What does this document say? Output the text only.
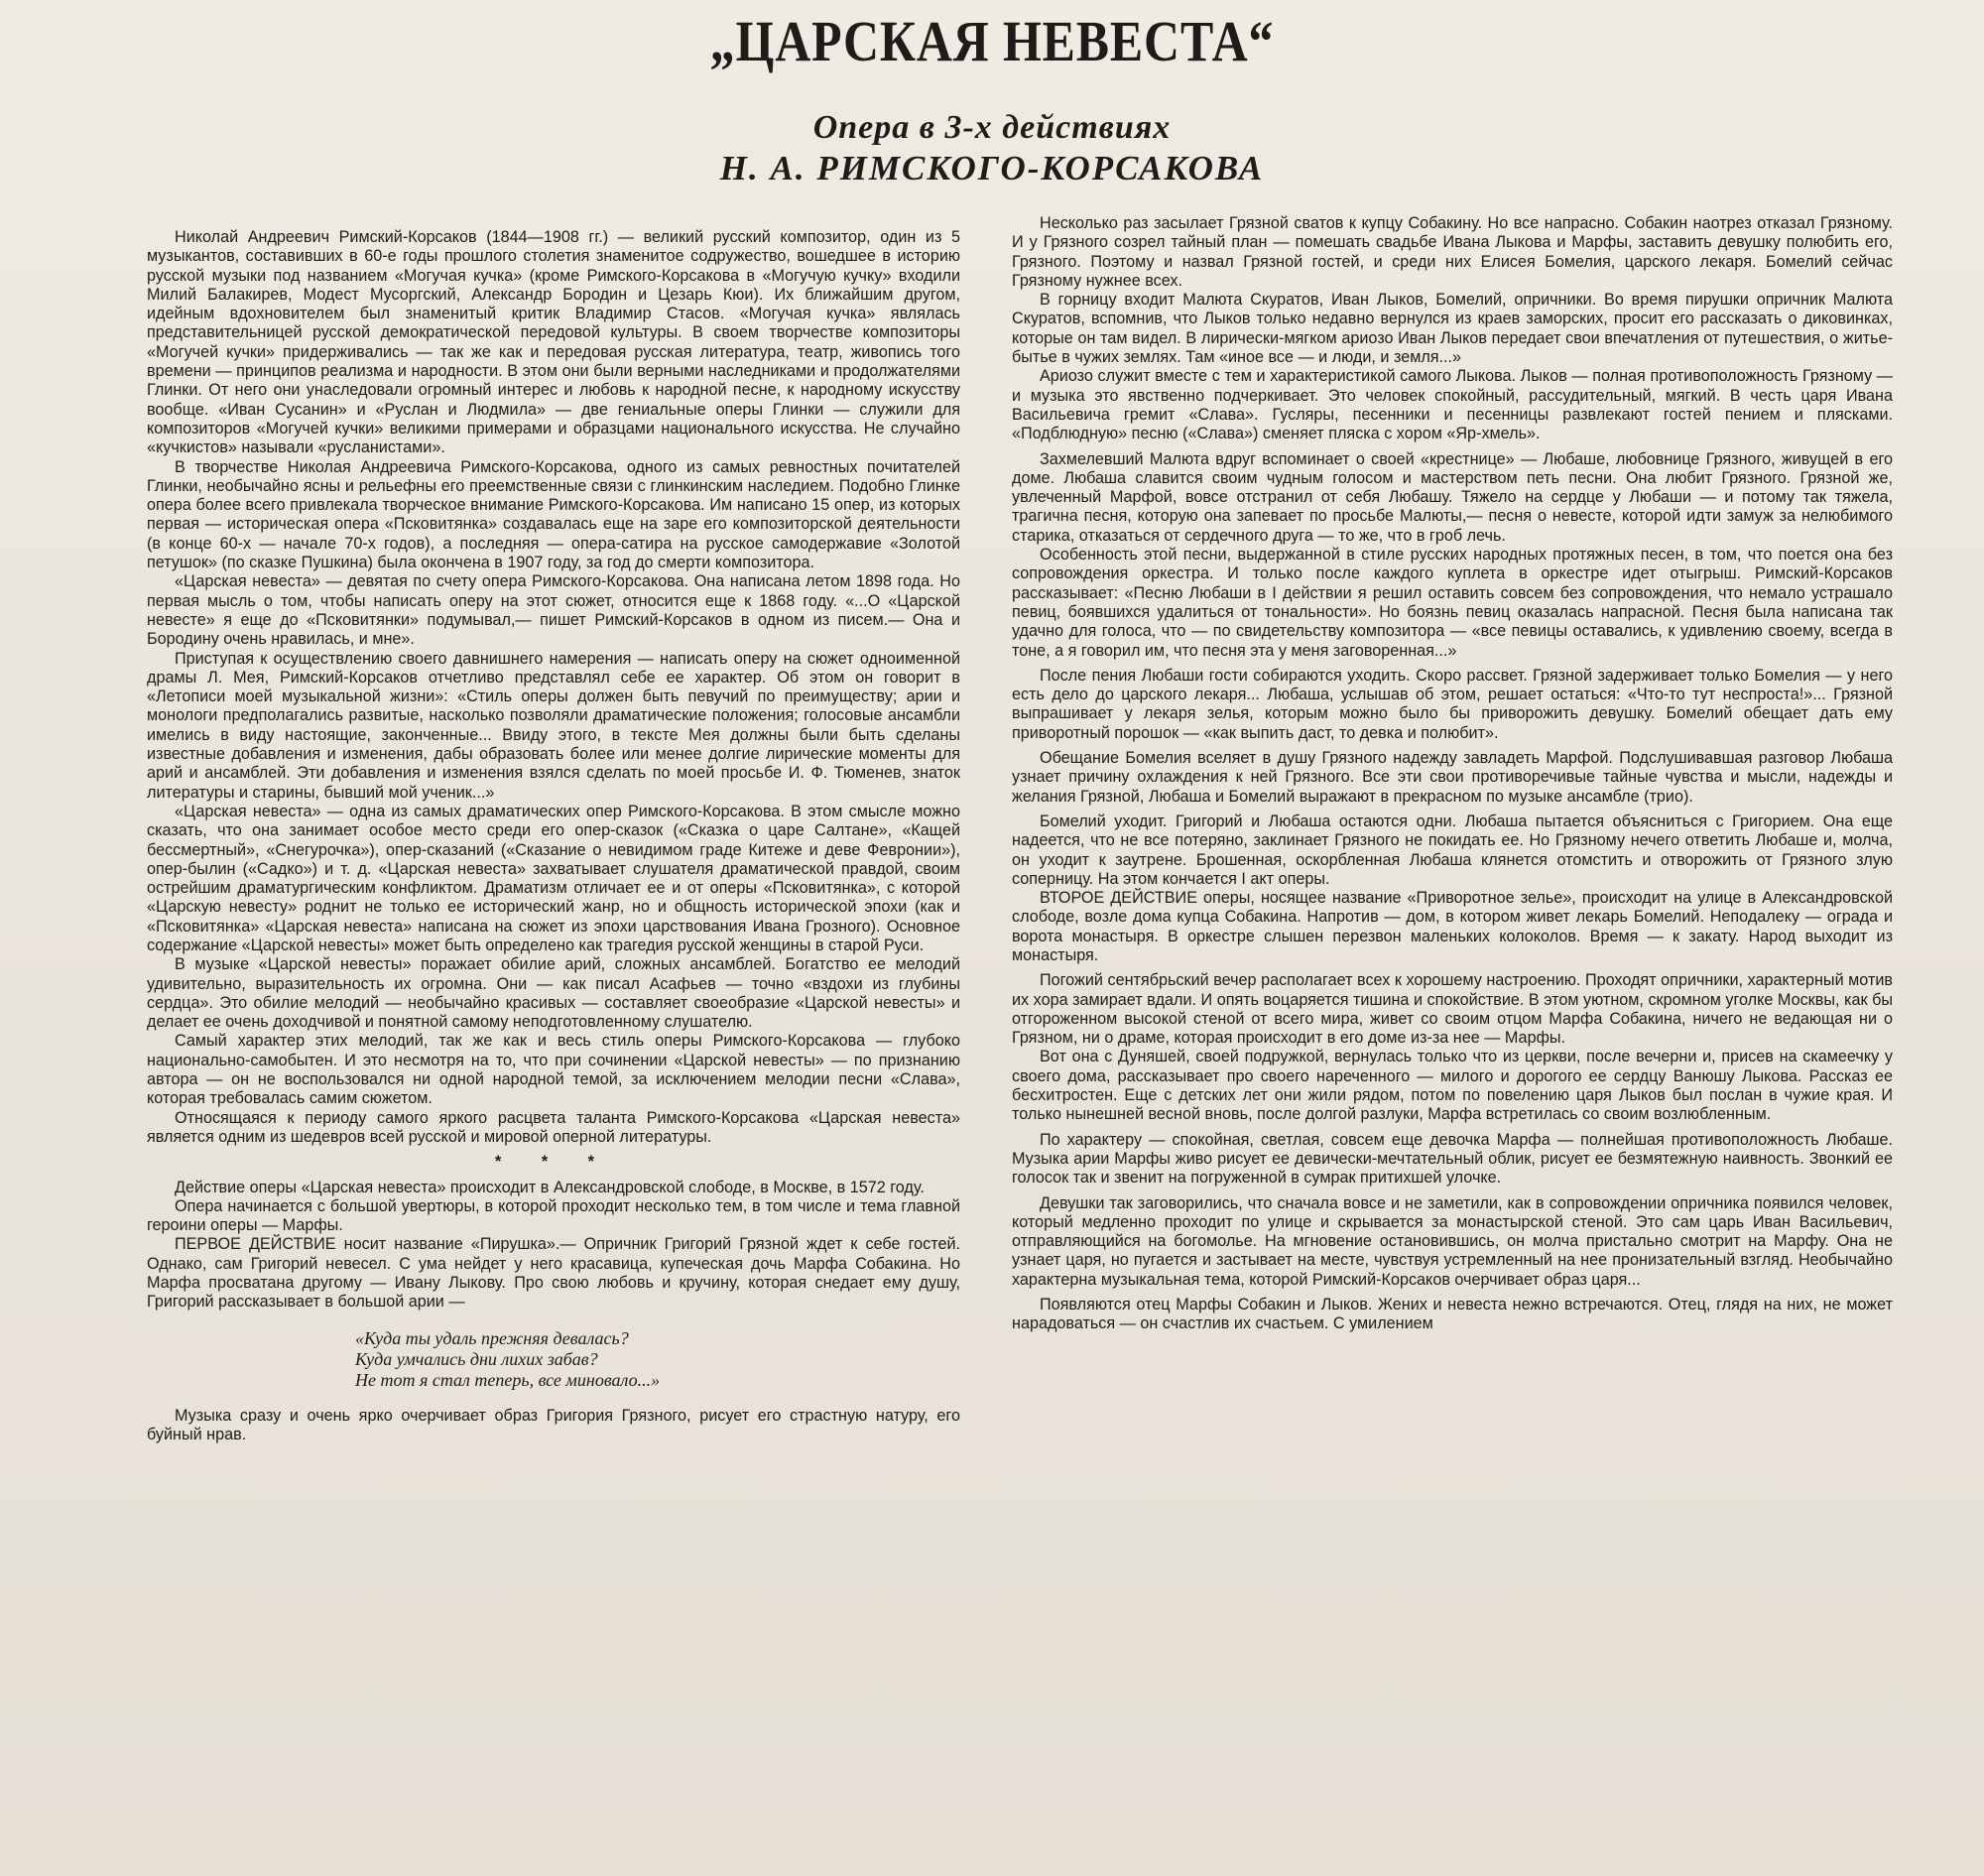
„ЦАРСКАЯ НЕВЕСТА“
Опера в 3-х действиях
Н. А. РИМСКОГО-КОРСАКОВА

Николай Андреевич Римский-Корсаков (1844—1908 гг.) — великий русский композитор, один из 5 музыкантов, составивших в 60-е годы прошлого столетия знаменитое содружество, вошедшее в историю русской музыки под названием «Могучая кучка» (кроме Римского-Корсакова в «Могучую кучку» входили Милий Балакирев, Модест Мусоргский, Александр Бородин и Цезарь Кюи). Их ближайшим другом, идейным вдохновителем был знаменитый критик Владимир Стасов. «Могучая кучка» являлась представительницей русской демократической передовой культуры. В своем творчестве композиторы «Могучей кучки» придерживались — так же как и передовая русская литература, театр, живопись того времени — принципов реализма и народности. В этом они были верными наследниками и продолжателями Глинки. От него они унаследовали огромный интерес и любовь к народной песне, к народному искусству вообще. «Иван Сусанин» и «Руслан и Людмила» — две гениальные оперы Глинки — служили для композиторов «Могучей кучки» великими примерами и образцами национального искусства. Не случайно «кучкистов» называли «русланистами».

В творчестве Николая Андреевича Римского-Корсакова, одного из самых ревностных почитателей Глинки, необычайно ясны и рельефны его преемственные связи с глинкинским наследием. Подобно Глинке опера более всего привлекала творческое внимание Римского-Корсакова. Им написано 15 опер, из которых первая — историческая опера «Псковитянка» создавалась еще на заре его композиторской деятельности (в конце 60-х — начале 70-х годов), а последняя — опера-сатира на русское самодержавие «Золотой петушок» (по сказке Пушкина) была окончена в 1907 году, за год до смерти композитора.

«Царская невеста» — девятая по счету опера Римского-Корсакова. Она написана летом 1898 года. Но первая мысль о том, чтобы написать оперу на этот сюжет, относится еще к 1868 году. «...О «Царской невесте» я еще до «Псковитянки» подумывал,— пишет Римский-Корсаков в одном из писем.— Она и Бородину очень нравилась, и мне».

Приступая к осуществлению своего давнишнего намерения — написать оперу на сюжет одноименной драмы Л. Мея, Римский-Корсаков отчетливо представлял себе ее характер. Об этом он говорит в «Летописи моей музыкальной жизни»: «Стиль оперы должен быть певучий по преимуществу; арии и монологи предполагались развитые, насколько позволяли драматические положения; голосовые ансамбли имелись в виду настоящие, законченные... Ввиду этого, в тексте Мея должны были быть сделаны известные добавления и изменения, дабы образовать более или менее долгие лирические моменты для арий и ансамблей. Эти добавления и изменения взялся сделать по моей просьбе И. Ф. Тюменев, знаток литературы и старины, бывший мой ученик...»

«Царская невеста» — одна из самых драматических опер Римского-Корсакова. В этом смысле можно сказать, что она занимает особое место среди его опер-сказок («Сказка о царе Салтане», «Кащей бессмертный», «Снегурочка»), опер-сказаний («Сказание о невидимом граде Китеже и деве Февронии»), опер-былин («Садко») и т. д. «Царская невеста» захватывает слушателя драматической правдой, своим острейшим драматургическим конфликтом. Драматизм отличает ее и от оперы «Псковитянка», с которой «Царскую невесту» роднит не только ее исторический жанр, но и общность исторической эпохи (как и «Псковитянка» «Царская невеста» написана на сюжет из эпохи царствования Ивана Грозного). Основное содержание «Царской невесты» может быть определено как трагедия русской женщины в старой Руси.

В музыке «Царской невесты» поражает обилие арий, сложных ансамблей. Богатство ее мелодий удивительно, выразительность их огромна. Они — как писал Асафьев — точно «вздохи из глубины сердца». Это обилие мелодий — необычайно красивых — составляет своеобразие «Царской невесты» и делает ее очень доходчивой и понятной самому неподготовленному слушателю.

Самый характер этих мелодий, так же как и весь стиль оперы Римского-Корсакова — глубоко национально-самобытен. И это несмотря на то, что при сочинении «Царской невесты» — по признанию автора — он не воспользовался ни одной народной темой, за исключением мелодии песни «Слава», которая требовалась самим сюжетом.

Относящаяся к периоду самого яркого расцвета таланта Римского-Корсакова «Царская невеста» является одним из шедевров всей русской и мировой оперной литературы.

* * *

Действие оперы «Царская невеста» происходит в Александровской слободе, в Москве, в 1572 году.

Опера начинается с большой увертюры, в которой проходит несколько тем, в том числе и тема главной героини оперы — Марфы.

ПЕРВОЕ ДЕЙСТВИЕ носит название «Пирушка».— Опричник Григорий Грязной ждет к себе гостей. Однако, сам Григорий невесел. С ума нейдет у него красавица, купеческая дочь Марфа Собакина. Но Марфа просватана другому — Ивану Лыкову. Про свою любовь и кручину, которая снедает ему душу, Григорий рассказывает в большой арии —

«Куда ты удаль прежняя девалась?
Куда умчались дни лихих забав?
Не тот я стал теперь, все миновало...»

Музыка сразу и очень ярко очерчивает образ Григория Грязного, рисует его страстную натуру, его буйный нрав.

Несколько раз засылает Грязной сватов к купцу Собакину. Но все напрасно. Собакин наотрез отказал Грязному. И у Грязного созрел тайный план — помешать свадьбе Ивана Лыкова и Марфы, заставить девушку полюбить его, Грязного. Поэтому и назвал Грязной гостей, и среди них Елисея Бомелия, царского лекаря. Бомелий сейчас Грязному нужнее всех.

В горницу входит Малюта Скуратов, Иван Лыков, Бомелий, опричники. Во время пирушки опричник Малюта Скуратов, вспомнив, что Лыков только недавно вернулся из краев заморских, просит его рассказать о диковинках, которые он там видел. В лирически-мягком ариозо Иван Лыков передает свои впечатления от путешествия, о житье-бытье в чужих землях. Там «иное все — и люди, и земля...»

Ариозо служит вместе с тем и характеристикой самого Лыкова. Лыков — полная противоположность Грязному — и музыка это явственно подчеркивает. Это человек спокойный, рассудительный, мягкий. В честь царя Ивана Васильевича гремит «Слава». Гусляры, песенники и песенницы развлекают гостей пением и плясками. «Подблюдную» песню («Слава») сменяет пляска с хором «Яр-хмель».

Захмелевший Малюта вдруг вспоминает о своей «крестнице» — Любаше, любовнице Грязного, живущей в его доме. Любаша славится своим чудным голосом и мастерством петь песни. Она любит Грязного. Грязной же, увлеченный Марфой, вовсе отстранил от себя Любашу. Тяжело на сердце у Любаши — и потому так тяжела, трагична песня, которую она запевает по просьбе Малюты,— песня о невесте, которой идти замуж за нелюбимого старика, отказаться от сердечного друга — то же, что в гроб лечь.

Особенность этой песни, выдержанной в стиле русских народных протяжных песен, в том, что поется она без сопровождения оркестра. И только после каждого куплета в оркестре идет отыгрыш. Римский-Корсаков рассказывает: «Песню Любаши в I действии я решил оставить совсем без сопровождения, что немало устрашало певиц, боявшихся удалиться от тональности». Но боязнь певиц оказалась напрасной. Песня была написана так удачно для голоса, что — по свидетельству композитора — «все певицы оставались, к удивлению своему, всегда в тоне, а я говорил им, что песня эта у меня заговоренная...»

После пения Любаши гости собираются уходить. Скоро рассвет. Грязной задерживает только Бомелия — у него есть дело до царского лекаря... Любаша, услышав об этом, решает остаться: «Что-то тут неспроста!»... Грязной выпрашивает у лекаря зелья, которым можно было бы приворожить девушку. Бомелий обещает дать ему приворотный порошок — «как выпить даст, то девка и полюбит».

Обещание Бомелия вселяет в душу Грязного надежду завладеть Марфой. Подслушивавшая разговор Любаша узнает причину охлаждения к ней Грязного. Все эти свои противоречивые тайные чувства и мысли, надежды и желания Грязной, Любаша и Бомелий выражают в прекрасном по музыке ансамбле (трио).

Бомелий уходит. Григорий и Любаша остаются одни. Любаша пытается объясниться с Григорием. Она еще надеется, что не все потеряно, заклинает Грязного не покидать ее. Но Грязному нечего ответить Любаше и, молча, он уходит к заутрене. Брошенная, оскорбленная Любаша клянется отомстить и отворожить от Грязного злую соперницу. На этом кончается I акт оперы.

ВТОРОЕ ДЕЙСТВИЕ оперы, носящее название «Приворотное зелье», происходит на улице в Александровской слободе, возле дома купца Собакина. Напротив — дом, в котором живет лекарь Бомелий. Неподалеку — ограда и ворота монастыря. В оркестре слышен перезвон маленьких колоколов. Время — к закату. Народ выходит из монастыря.

Погожий сентябрьский вечер располагает всех к хорошему настроению. Проходят опричники, характерный мотив их хора замирает вдали. И опять воцаряется тишина и спокойствие. В этом уютном, скромном уголке Москвы, как бы отгороженном высокой стеной от всего мира, живет со своим отцом Марфа Собакина, ничего не ведающая ни о Грязном, ни о драме, которая происходит в его доме из-за нее — Марфы.

Вот она с Дуняшей, своей подружкой, вернулась только что из церкви, после вечерни и, присев на скамеечку у своего дома, рассказывает про своего нареченного — милого и дорогого ее сердцу Ванюшу Лыкова. Рассказ ее бесхитростен. Еще с детских лет они жили рядом, потом по повелению царя Лыков был послан в чужие края. И только нынешней весной вновь, после долгой разлуки, Марфа встретилась со своим возлюбленным.

По характеру — спокойная, светлая, совсем еще девочка Марфа — полнейшая противоположность Любаше. Музыка арии Марфы живо рисует ее девически-мечтательный облик, рисует ее безмятежную наивность. Звонкий ее голосок так и звенит на погруженной в сумрак притихшей улочке.

Девушки так заговорились, что сначала вовсе и не заметили, как в сопровождении опричника появился человек, который медленно проходит по улице и скрывается за монастырской стеной. Это сам царь Иван Васильевич, отправляющийся на богомолье. На мгновение остановившись, он молча пристально смотрит на Марфу. Она не узнает царя, но пугается и застывает на месте, чувствуя устремленный на нее пронизательный взгляд. Необычайно характерна музыкальная тема, которой Римский-Корсаков очерчивает образ царя...

Появляются отец Марфы Собакин и Лыков. Жених и невеста нежно встречаются. Отец, глядя на них, не может нарадоваться — он счастлив их счастьем. С умилением
